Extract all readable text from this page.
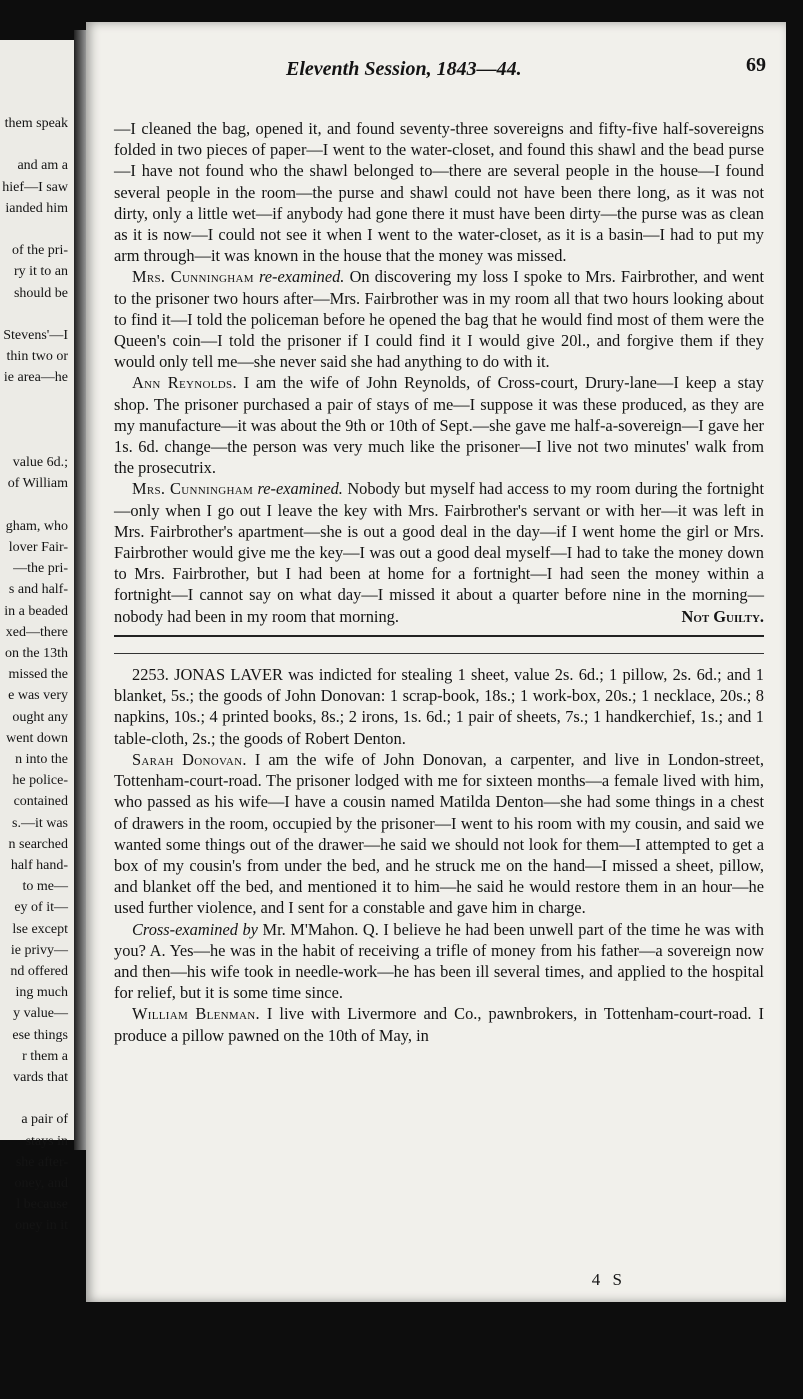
them speak
and am a
hief—I saw
ianded him
of the pri-
ry it to an
should be
Stevens'—I
thin two or
ie area—he
value 6d.;
of William
gham, who
lover Fair-
—the pri-
s and half-
in a beaded
xed—there
on the 13th
missed the
e was very
ought any
went down
n into the
he police-
contained
s.—it was
n searched
half hand-
to me—
ey of it—
lse except
ie privy—
nd offered
ing much
y value—
ese things
r them a
vards that
a pair of
stays in
she after-
oney, and
l because
oney in it
Eleventh Session, 1843—44.	69

—I cleaned the bag, opened it, and found seventy-three sovereigns and fifty-five half-sovereigns folded in two pieces of paper—I went to the water-closet, and found this shawl and the bead purse—I have not found who the shawl belonged to—there are several people in the house—I found several people in the room—the purse and shawl could not have been there long, as it was not dirty, only a little wet—if anybody had gone there it must have been dirty—the purse was as clean as it is now—I could not see it when I went to the water-closet, as it is a basin—I had to put my arm through—it was known in the house that the money was missed.

Mrs. Cunningham re-examined. On discovering my loss I spoke to Mrs. Fairbrother, and went to the prisoner two hours after—Mrs. Fairbrother was in my room all that two hours looking about to find it—I told the policeman before he opened the bag that he would find most of them were the Queen's coin—I told the prisoner if I could find it I would give 20l., and forgive them if they would only tell me—she never said she had anything to do with it.

Ann Reynolds. I am the wife of John Reynolds, of Cross-court, Drury-lane—I keep a stay shop. The prisoner purchased a pair of stays of me—I suppose it was these produced, as they are my manufacture—it was about the 9th or 10th of Sept.—she gave me half-a-sovereign—I gave her 1s. 6d. change—the person was very much like the prisoner—I live not two minutes' walk from the prosecutrix.

Mrs. Cunningham re-examined. Nobody but myself had access to my room during the fortnight—only when I go out I leave the key with Mrs. Fairbrother's servant or with her—it was left in Mrs. Fairbrother's apartment—she is out a good deal in the day—if I went home the girl or Mrs. Fairbrother would give me the key—I was out a good deal myself—I had to take the money down to Mrs. Fairbrother, but I had been at home for a fortnight—I had seen the money within a fortnight—I cannot say on what day—I missed it about a quarter before nine in the morning—nobody had been in my room that morning.	Not Guilty.

2253. JONAS LAVER was indicted for stealing 1 sheet, value 2s. 6d.; 1 pillow, 2s. 6d.; and 1 blanket, 5s.; the goods of John Donovan: 1 scrap-book, 18s.; 1 work-box, 20s.; 1 necklace, 20s.; 8 napkins, 10s.; 4 printed books, 8s.; 2 irons, 1s. 6d.; 1 pair of sheets, 7s.; 1 handkerchief, 1s.; and 1 table-cloth, 2s.; the goods of Robert Denton.

Sarah Donovan. I am the wife of John Donovan, a carpenter, and live in London-street, Tottenham-court-road. The prisoner lodged with me for sixteen months—a female lived with him, who passed as his wife—I have a cousin named Matilda Denton—she had some things in a chest of drawers in the room, occupied by the prisoner—I went to his room with my cousin, and said we wanted some things out of the drawer—he said we should not look for them—I attempted to get a box of my cousin's from under the bed, and he struck me on the hand—I missed a sheet, pillow, and blanket off the bed, and mentioned it to him—he said he would restore them in an hour—he used further violence, and I sent for a constable and gave him in charge.

Cross-examined by Mr. M'Mahon. Q. I believe he had been unwell part of the time he was with you? A. Yes—he was in the habit of receiving a trifle of money from his father—a sovereign now and then—his wife took in needle-work—he has been ill several times, and applied to the hospital for relief, but it is some time since.

William Blenman. I live with Livermore and Co., pawnbrokers, in Tottenham-court-road. I produce a pillow pawned on the 10th of May, in

4 S
